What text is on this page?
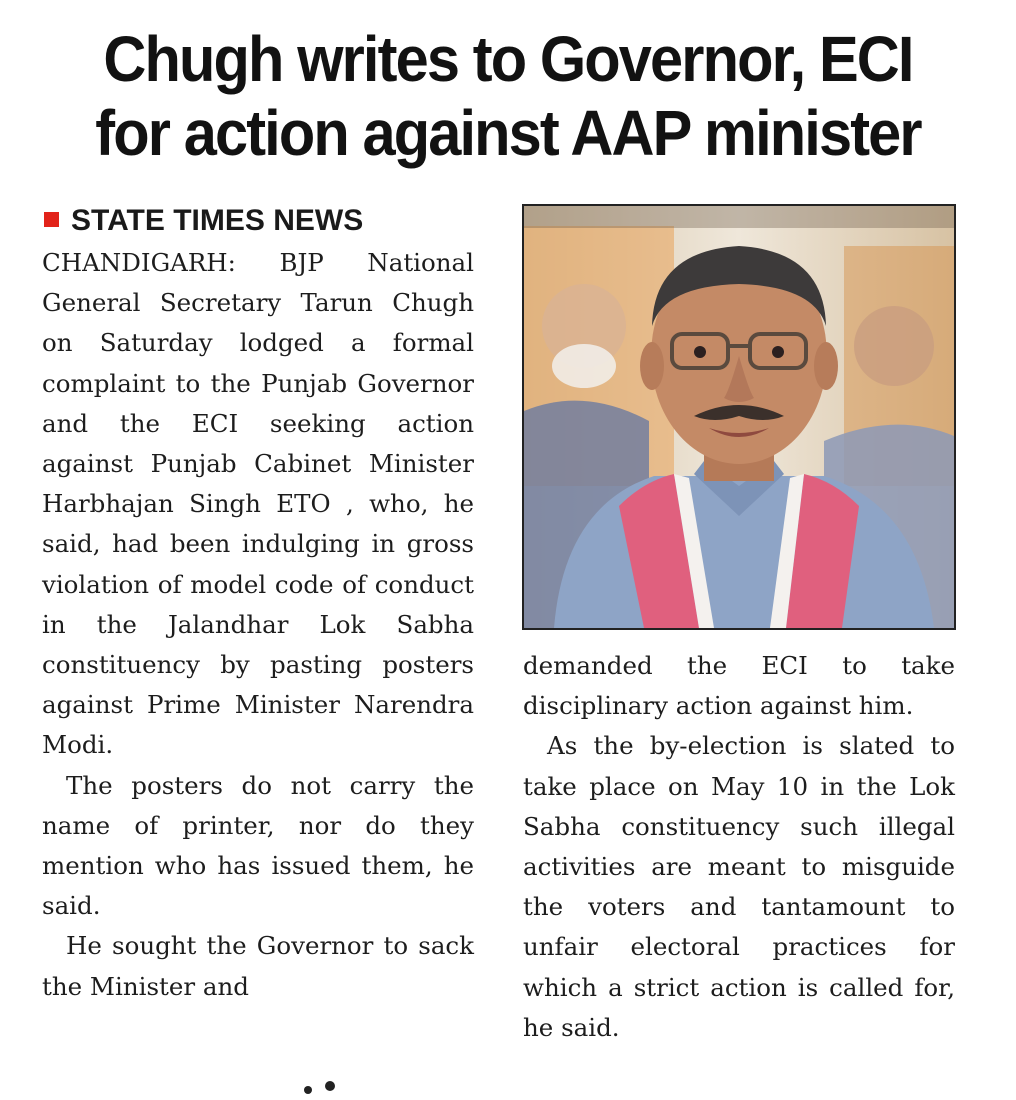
Chugh writes to Governor, ECI
for action against AAP minister
STATE TIMES NEWS

CHANDIGARH: BJP National General Secretary Tarun Chugh on Saturday lodged a formal complaint to the Punjab Governor and the ECI seeking action against Punjab Cabinet Minister Harbhajan Singh ETO , who, he said, had been indulging in gross violation of model code of conduct in the Jalandhar Lok Sabha constituency by pasting posters against Prime Minister Narendra Modi.

The posters do not carry the name of printer, nor do they mention who has issued them, he said.

He sought the Governor to sack the Minister and

demanded the ECI to take disciplinary action against him.

As the by-election is slated to take place on May 10 in the Lok Sabha constituency such illegal activities are meant to misguide the voters and tantamount to unfair electoral practices for which a strict action is called for, he said.
